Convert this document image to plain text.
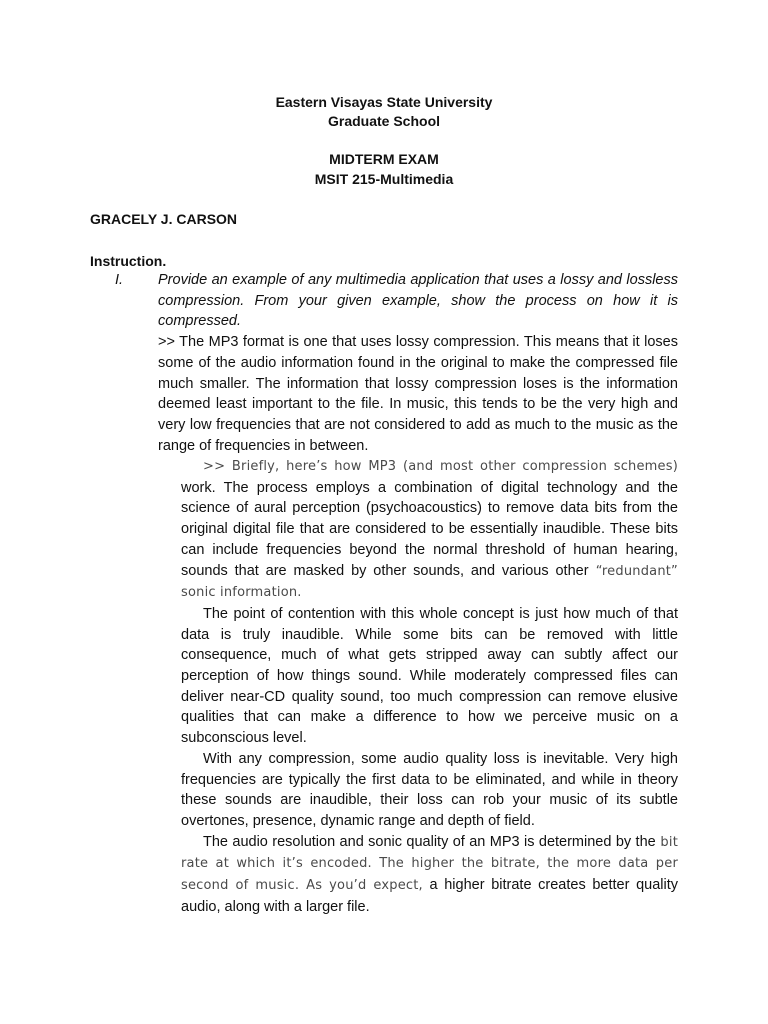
Eastern Visayas State University
Graduate School
MIDTERM EXAM
MSIT 215-Multimedia
GRACELY J. CARSON
Instruction.
I. Provide an example of any multimedia application that uses a lossy and lossless compression. From your given example, show the process on how it is compressed.

>> The MP3 format is one that uses lossy compression. This means that it loses some of the audio information found in the original to make the compressed file much smaller. The information that lossy compression loses is the information deemed least important to the file. In music, this tends to be the very high and very low frequencies that are not considered to add as much to the music as the range of frequencies in between.

>> Briefly, here’s how MP3 (and most other compression schemes) work. The process employs a combination of digital technology and the science of aural perception (psychoacoustics) to remove data bits from the original digital file that are considered to be essentially inaudible. These bits can include frequencies beyond the normal threshold of human hearing, sounds that are masked by other sounds, and various other “redundant” sonic information.

The point of contention with this whole concept is just how much of that data is truly inaudible. While some bits can be removed with little consequence, much of what gets stripped away can subtly affect our perception of how things sound. While moderately compressed files can deliver near-CD quality sound, too much compression can remove elusive qualities that can make a difference to how we perceive music on a subconscious level.

With any compression, some audio quality loss is inevitable. Very high frequencies are typically the first data to be eliminated, and while in theory these sounds are inaudible, their loss can rob your music of its subtle overtones, presence, dynamic range and depth of field.

The audio resolution and sonic quality of an MP3 is determined by the bit rate at which it’s encoded. The higher the bitrate, the more data per second of music. As you’d expect, a higher bitrate creates better quality audio, along with a larger file.
